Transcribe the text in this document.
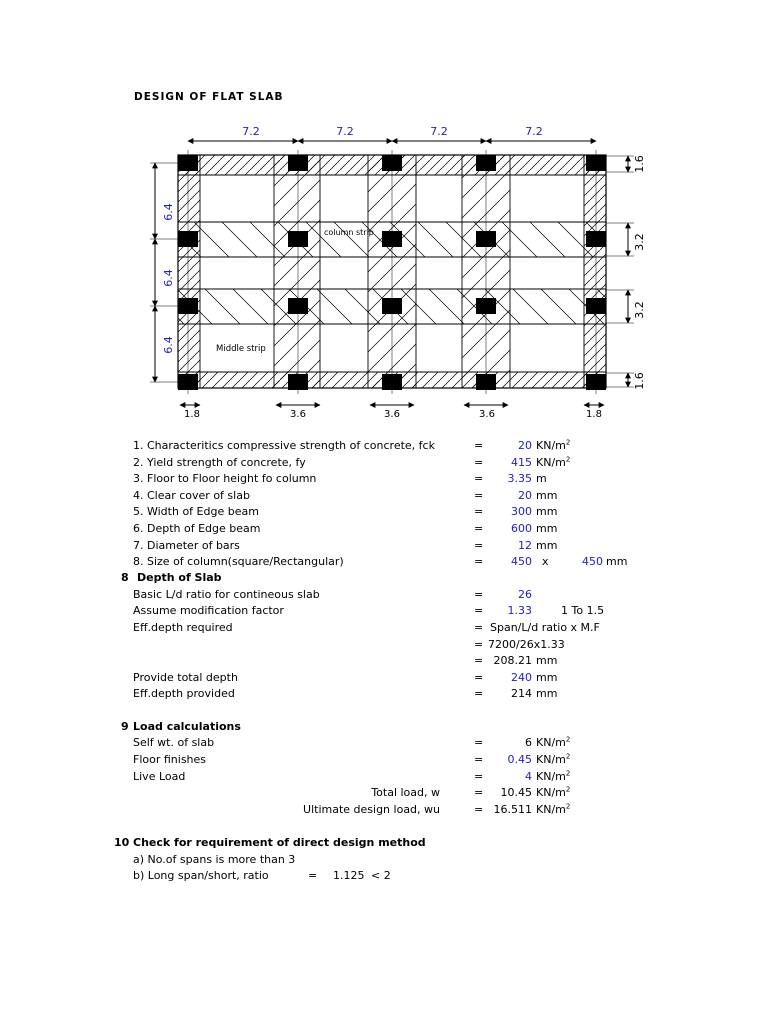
DESIGN OF FLAT SLAB
7.2	7.2	7.2	7.2
6.4
6.4
6.4
1.6
3.2
3.2
1.6
1.8	3.6	3.6	3.6	1.8
column strip
Middle strip
1. Characteritics compressive strength of concrete, fck	=	20 $KN/m^2$
2. Yield strength of concrete, fy	=	415 $KN/m^2$
3. Floor to Floor height fo column	= 3.35 m
4. Clear cover of slab	=	20 mm
5. Width of Edge beam	=	300 mm
6. Depth of Edge beam	=	600 mm
7. Diameter of bars	=	12 mm
8. Size of column(square/Rectangular)	=	450 x	450 mm
8 Depth of Slab
Basic L/d ratio for contineous slab	=	26
Assume modification factor	= 1.33	1 To 1.5
Eff.depth required	= Span/L/d ratio x M.F
= 7200/26x1.33
= 208.21 mm
Provide total depth	=	240 mm
Eff.depth provided	=	214 mm
9 Load calculations
Self wt. of slab	=	6 $KN/m^2$
Floor finishes	= 0.45 $KN/m^2$
Live Load	=	4 $KN/m^2$
Total load, w	= 10.45 $KN/m^2$
Ultimate design load, wu	= 16.511 $KN/m^2$
10 Check for requirement of direct design method
a) No.of spans is more than 3
b) Long span/short, ratio	= 1.125 < 2
